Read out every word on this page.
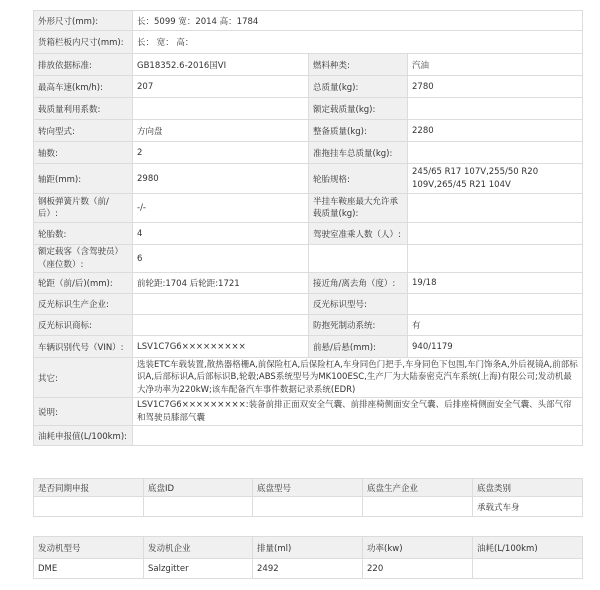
外形尺寸(mm):	长：5099 宽：2014 高：1784		
货箱栏板内尺寸(mm):	长： 宽： 高：		
排放依据标准:	GB18352.6-2016国VI	燃料种类:	汽油
最高车速(km/h):	207	总质量(kg):	2780
载质量利用系数:		额定载质量(kg):	
转向型式:	方向盘	整备质量(kg):	2280
轴数:	2	准拖挂车总质量(kg):	
轴距(mm):	2980	轮胎规格:	245/65 R17 107V,255/50 R20 109V,265/45 R21 104V
钢板弹簧片数（前/后）:	-/-	半挂车鞍座最大允许承载质量(kg):	
轮胎数:	4	驾驶室准乘人数（人）:	
额定载客（含驾驶员）（座位数）:	6		
轮距（前/后)(mm):	前轮距:1704 后轮距:1721	接近角/离去角（度）:	19/18
反光标识生产企业:		反光标识型号:	
反光标识商标:		防抱死制动系统:	有
车辆识别代号（VIN）:	LSV1C7G6×××××××××	前悬/后悬(mm):	940/1179
其它:	选装ETC车载装置,散热器格栅A,前保险杠A,后保险杠A,车身同色门把手,车身同色下包围,车门饰条A,外后视镜A,前部标识A,后部标识A,后部标识B,轮毂;ABS系统型号为MK100ESC,生产厂为大陆泰密克汽车系统(上海)有限公司;发动机最大净功率为220kW;该车配备汽车事件数据记录系统(EDR)		
说明:	LSV1C7G6×××××××××:装备前排正面双安全气囊、前排座椅侧面安全气囊、后排座椅侧面安全气囊、头部气帘和驾驶员膝部气囊		
油耗申报值(L/100km):			
是否同期申报	底盘ID	底盘型号	底盘生产企业	底盘类别
				承载式车身
发动机型号	发动机企业	排量(ml)	功率(kw)	油耗(L/100km)
DME	Salzgitter	2492	220	
